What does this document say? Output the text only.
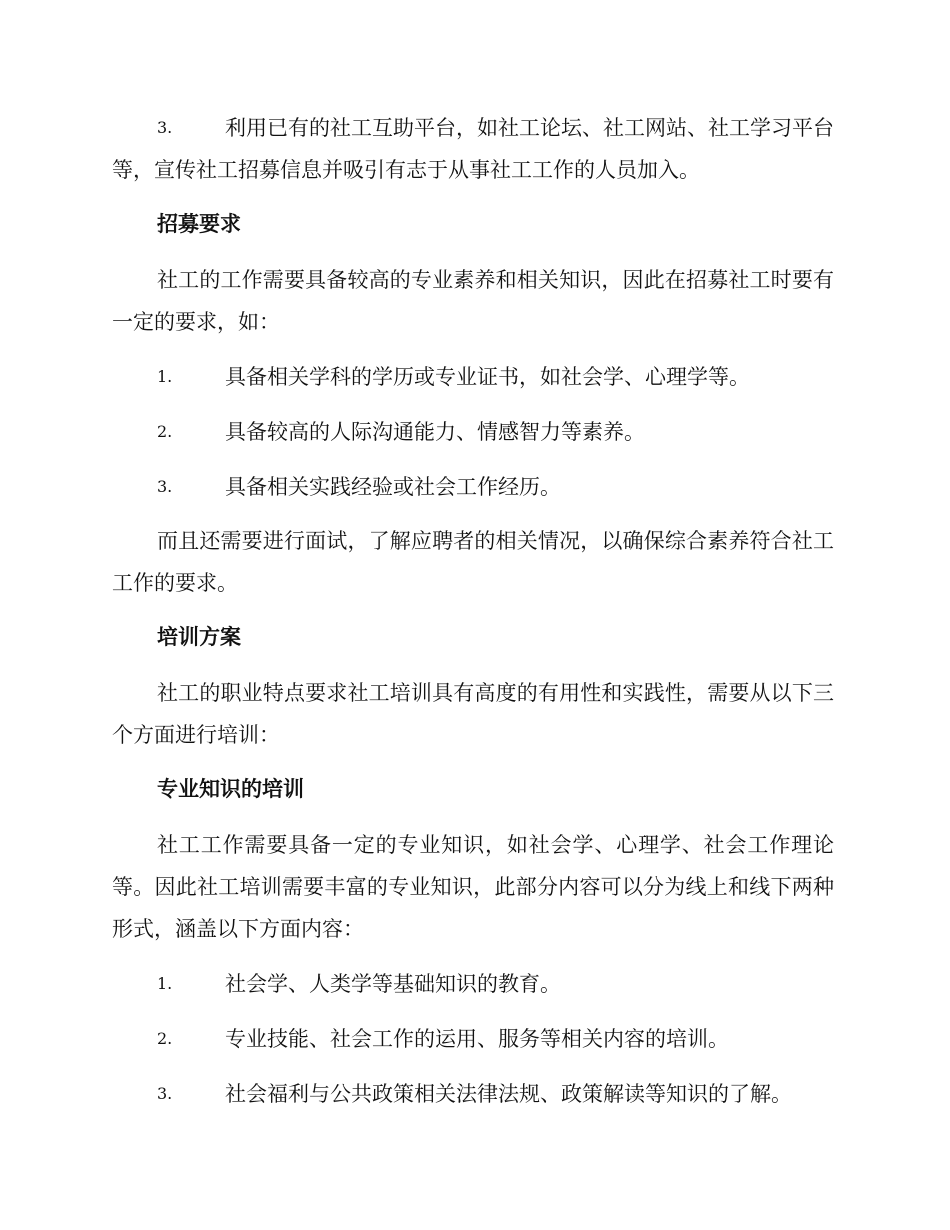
3.	利用已有的社工互助平台，如社工论坛、社工网站、社工学习平台等，宣传社工招募信息并吸引有志于从事社工工作的人员加入。
招募要求
社工的工作需要具备较高的专业素养和相关知识，因此在招募社工时要有一定的要求，如：
1.	具备相关学科的学历或专业证书，如社会学、心理学等。
2.	具备较高的人际沟通能力、情感智力等素养。
3.	具备相关实践经验或社会工作经历。
而且还需要进行面试，了解应聘者的相关情况，以确保综合素养符合社工工作的要求。
培训方案
社工的职业特点要求社工培训具有高度的有用性和实践性，需要从以下三个方面进行培训：
专业知识的培训
社工工作需要具备一定的专业知识，如社会学、心理学、社会工作理论等。因此社工培训需要丰富的专业知识，此部分内容可以分为线上和线下两种形式，涵盖以下方面内容：
1.	社会学、人类学等基础知识的教育。
2.	专业技能、社会工作的运用、服务等相关内容的培训。
3.	社会福利与公共政策相关法律法规、政策解读等知识的了解。
